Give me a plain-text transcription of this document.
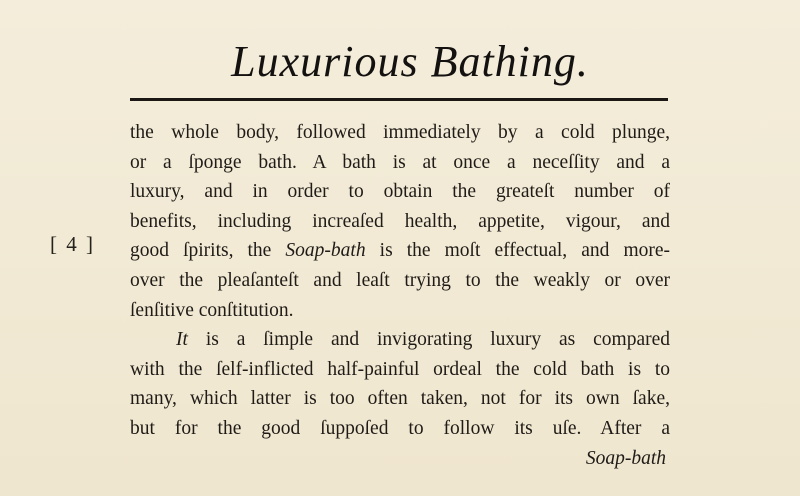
Luxurious Bathing.
[ 4 ]
the whole body, followed immediately by a cold plunge,
or a ſponge bath. A bath is at once a neceſſity and a
luxury, and in order to obtain the greateſt number of
benefits, including increaſed health, appetite, vigour, and
good ſpirits, the Soap-bath is the moſt effectual, and more-
over the pleaſanteſt and leaſt trying to the weakly or over
ſenſitive conſtitution.
It is a ſimple and invigorating luxury as compared
with the ſelf-inflicted half-painful ordeal the cold bath is to
many, which latter is too often taken, not for its own ſake,
but for the good ſuppoſed to follow its uſe. After a
Soap-bath
